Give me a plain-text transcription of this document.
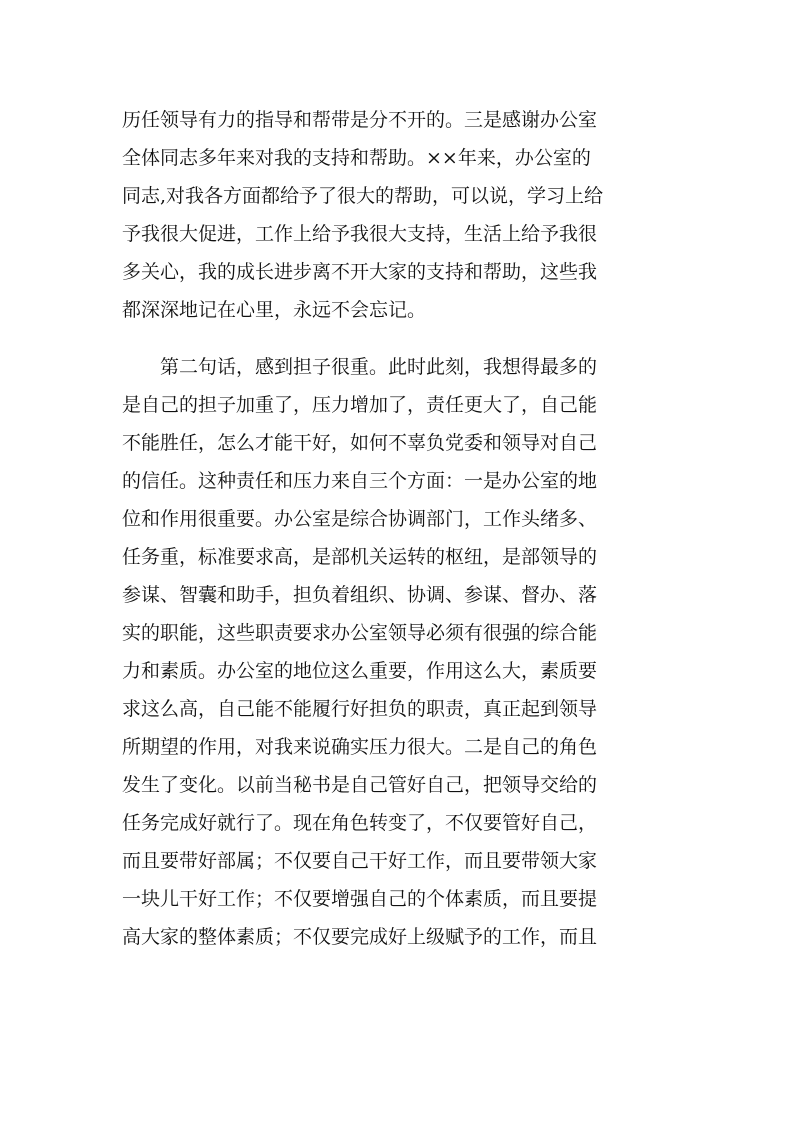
历任领导有力的指导和帮带是分不开的。三是感谢办公室
全体同志多年来对我的支持和帮助。××年来，办公室的
同志,对我各方面都给予了很大的帮助，可以说，学习上给
予我很大促进，工作上给予我很大支持，生活上给予我很
多关心，我的成长进步离不开大家的支持和帮助，这些我
都深深地记在心里，永远不会忘记。
第二句话，感到担子很重。此时此刻，我想得最多的
是自己的担子加重了，压力增加了，责任更大了，自己能
不能胜任，怎么才能干好，如何不辜负党委和领导对自己
的信任。这种责任和压力来自三个方面：一是办公室的地
位和作用很重要。办公室是综合协调部门，工作头绪多、
任务重，标准要求高，是部机关运转的枢纽，是部领导的
参谋、智囊和助手，担负着组织、协调、参谋、督办、落
实的职能，这些职责要求办公室领导必须有很强的综合能
力和素质。办公室的地位这么重要，作用这么大，素质要
求这么高，自己能不能履行好担负的职责，真正起到领导
所期望的作用，对我来说确实压力很大。二是自己的角色
发生了变化。以前当秘书是自己管好自己，把领导交给的
任务完成好就行了。现在角色转变了，不仅要管好自己，
而且要带好部属；不仅要自己干好工作，而且要带领大家
一块儿干好工作；不仅要增强自己的个体素质，而且要提
高大家的整体素质；不仅要完成好上级赋予的工作，而且
